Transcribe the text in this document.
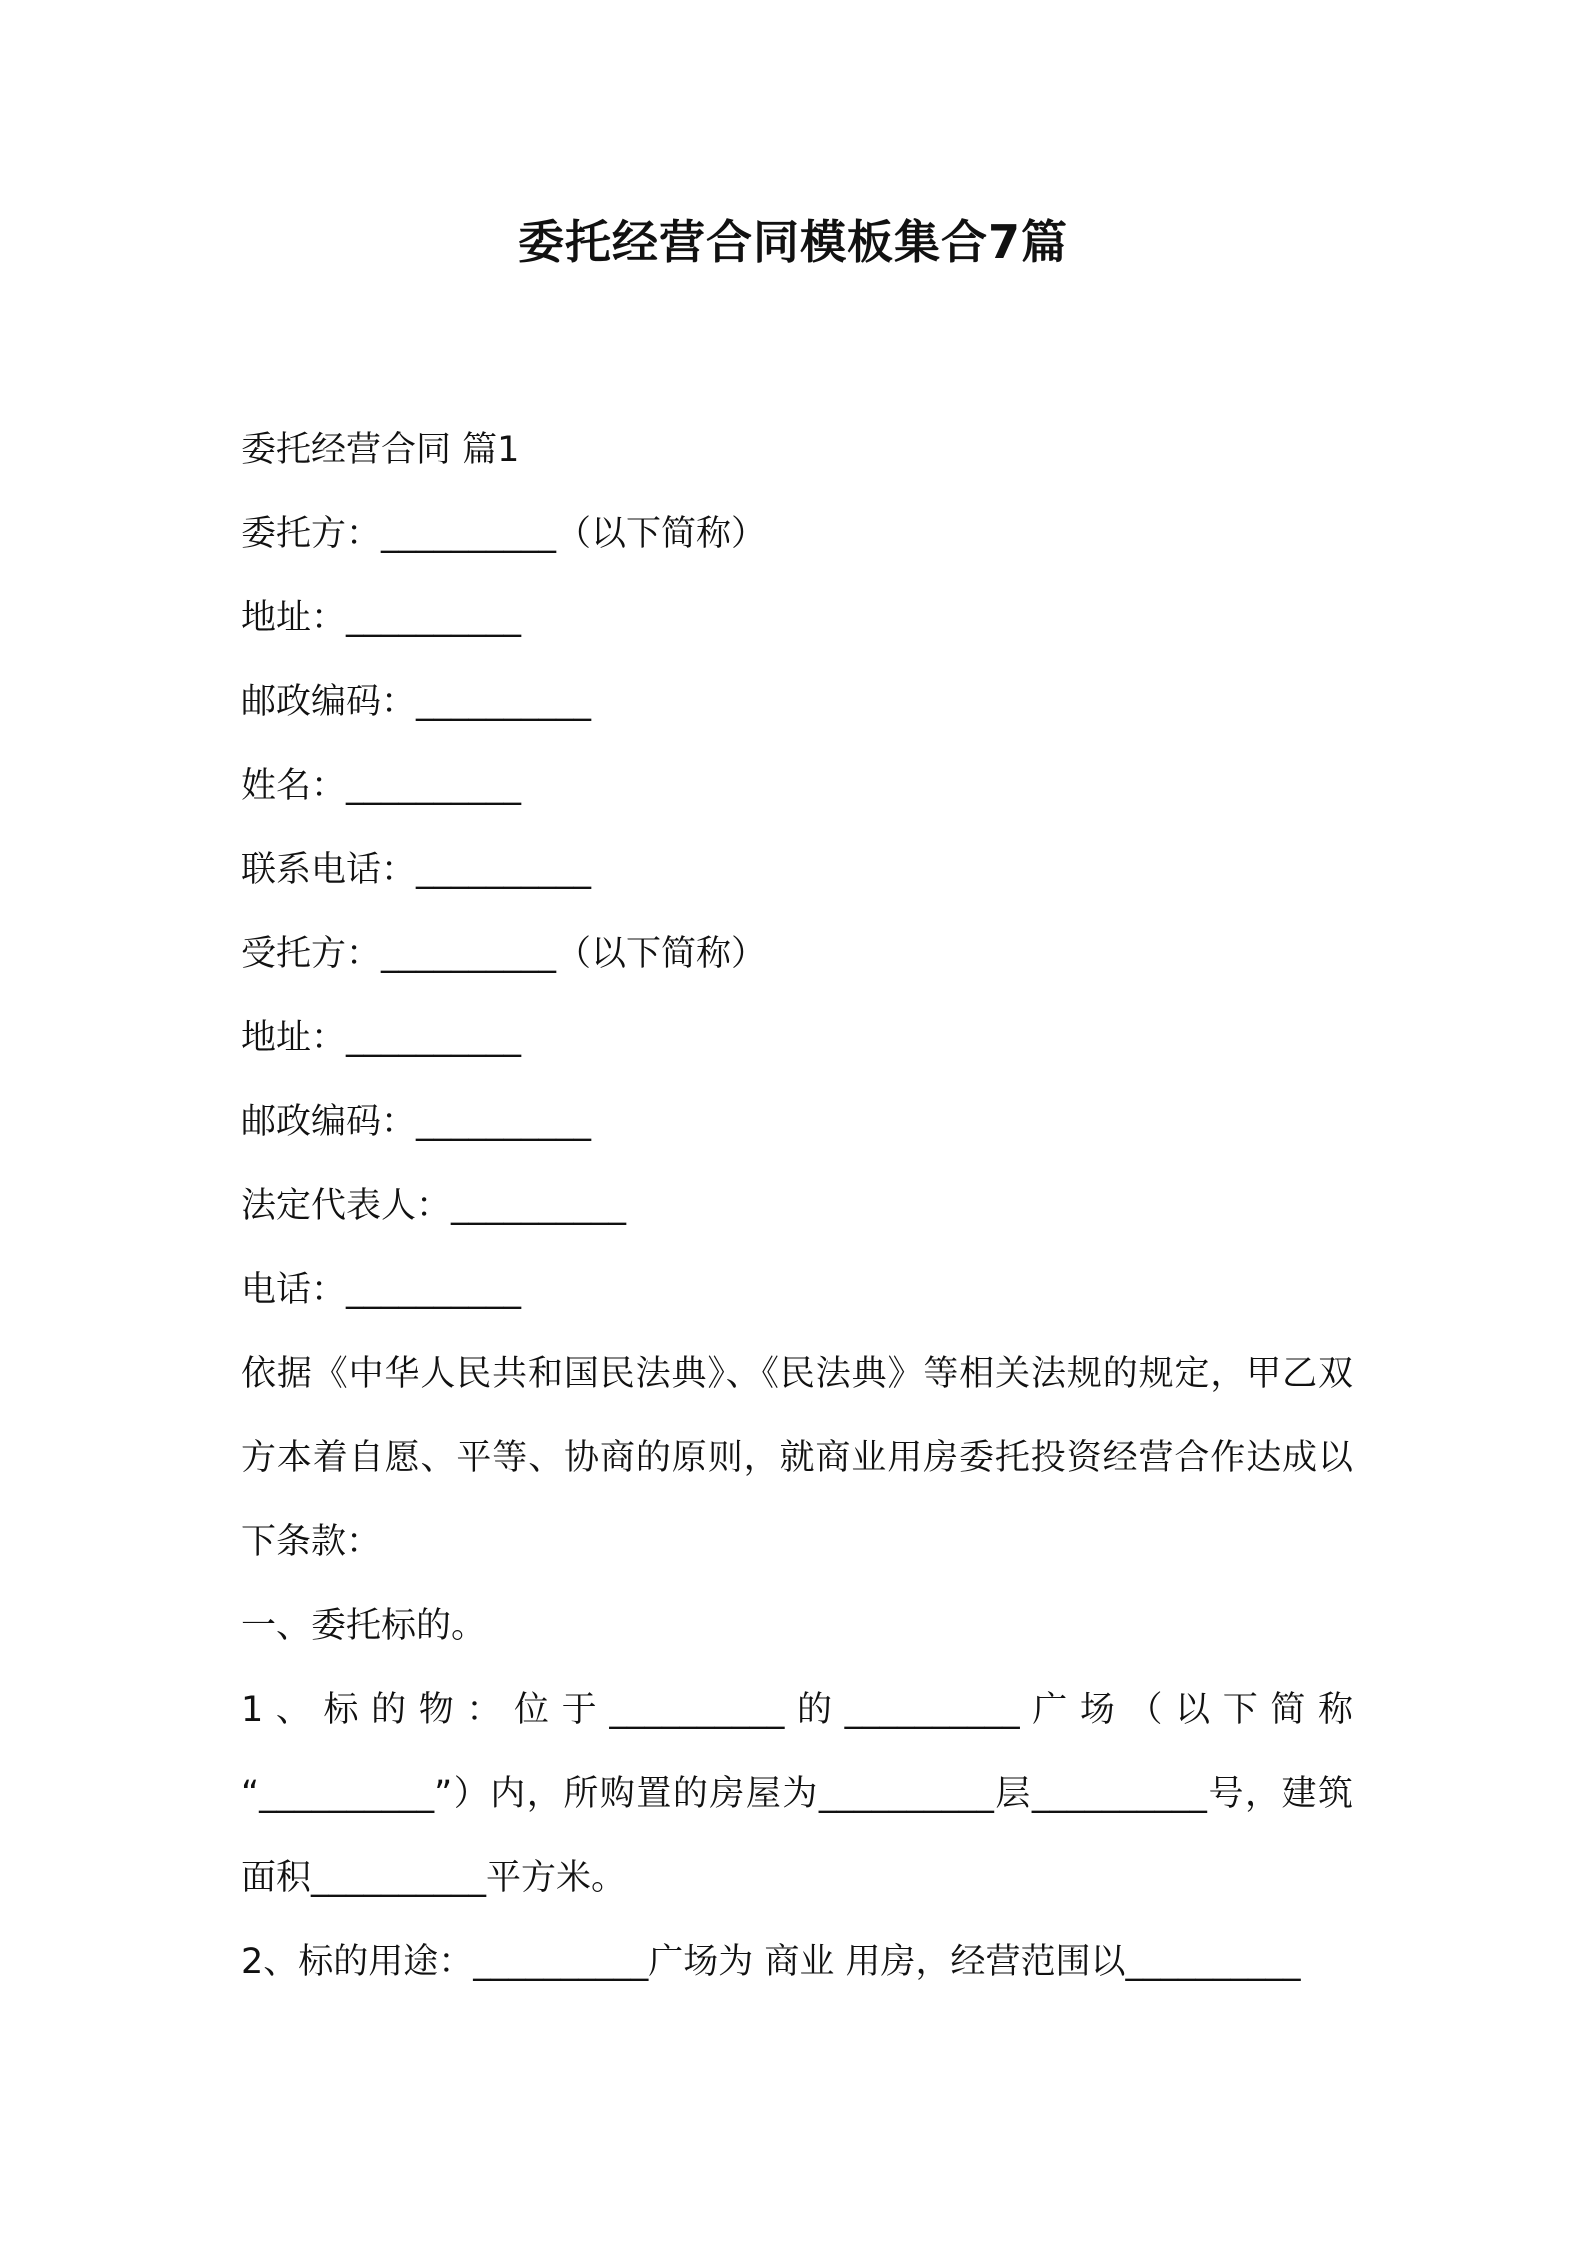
委托经营合同模板集合7篇

委托经营合同 篇1

委托方：__________（以下简称）

地址：__________

邮政编码：__________

姓名：__________

联系电话：__________

受托方：__________（以下简称）

地址：__________

邮政编码：__________

法定代表人：__________

电话：__________

依据《中华人民共和国民法典》、《民法典》等相关法规的规定，甲乙双方本着自愿、平等、协商的原则，就商业用房委托投资经营合作达成以下条款：

一、委托标的。

1、标的物：位于__________的__________广场（以下简称

“__________”）内，所购置的房屋为__________层__________号，建筑面积__________平方米。

2、标的用途：__________广场为 商业 用房，经营范围以__________
